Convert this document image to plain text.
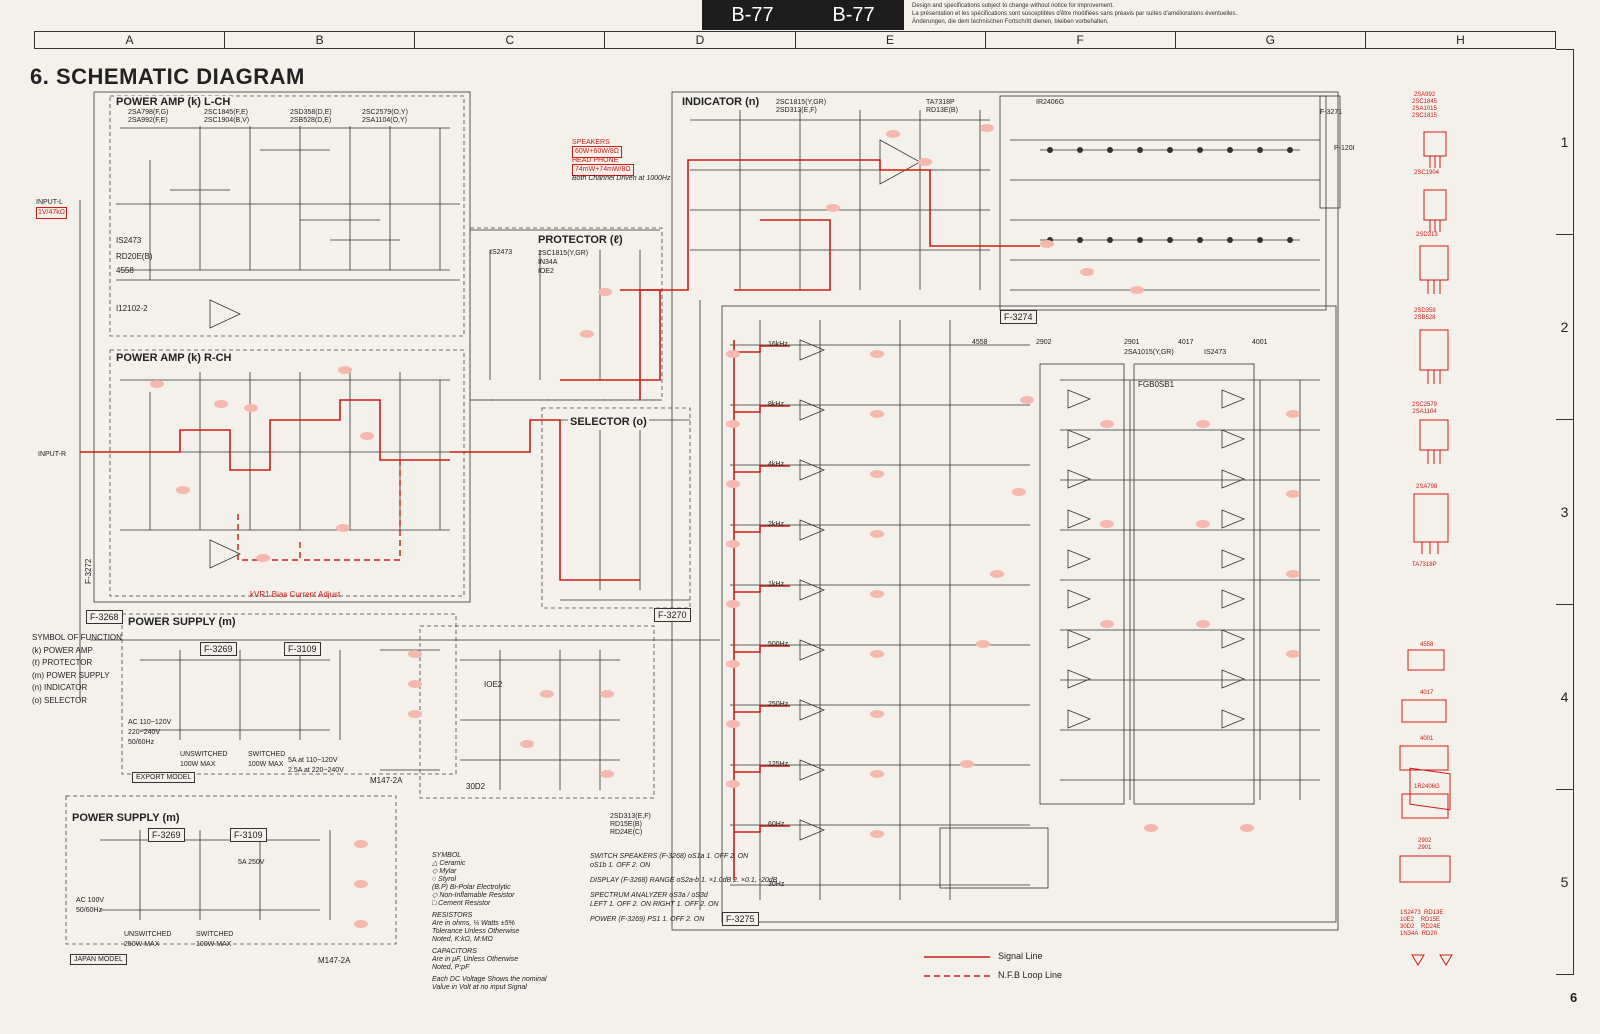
B-77	B-77	Design and specifications subject to change without notice for improvement.
La présentation et les spécifications sont susceptibles d'être modifiées sans préavis par suites d'améliorations éventuelles.
Änderungen, die dem technischen Fortschritt dienen, bleiben vorbehalten.
A	B	C	D	E	F	G	H
1
2
3
4
5
6. SCHEMATIC DIAGRAM
POWER AMP (k) L-CH
2SA798(F,G)	2SC1845(F,E)	2SD358(D,E)	2SC2579(O,Y)
2SA992(F,E)	2SC1904(B,V)	2SB528(D,E)	2SA1104(O,Y)
IS2473
RD20E(B)
4558
I12102-2
POWER AMP (k) R-CH
kVR1 Bias Current Adjust
PROTECTOR (ℓ)
2SC1815(Y,GR)
IN34A
IOE2
IS2473
SELECTOR (o)
F-3270
INDICATOR (n) 2SC1815(Y,GR)
2SD313(E,F)
TA7318P
RD13E(B)
IR2406G
4558	2902	2901	4017
2SA1015(Y,GR)	IS2473
4001
FGB0SB1
F-3274
F-3275
F-3271
P-120I
POWER SUPPLY (m)
F-3269	F-3109
AC 110~120V 220~240V 50/60Hz
UNSWITCHED 100W MAX
SWITCHED 100W MAX
5A at 110~120V 2.5A at 220~240V
M147-2A
EXPORT MODEL
IOE2
30D2
2SD313(E,F)
RD15E(B)
RD24E(C)
POWER SUPPLY (m)
F-3269	F-3109
AC 100V 50/60Hz
UNSWITCHED 250W MAX
SWITCHED 100W MAX
5A 250V
M147-2A
JAPAN MODEL
F-3268
F-3272
INPUT-L
1V/47kΩ
INPUT-R
SPEAKERS
60W+60W/8Ω
HEAD PHONE
74mW+74mW/8Ω
Both Channel Driven at 1000Hz
SYMBOL OF FUNCTION
(k) POWER AMP
(ℓ) PROTECTOR
(m) POWER SUPPLY
(n) INDICATOR
(o) SELECTOR
SYMBOL
△ Ceramic
◇ Mylar
○ Styrol
(B.P) Bi-Polar Electrolytic
◇ Non-Inflamable Resistor
□ Cement Resistor
RESISTORS
Are in ohms, ¼ Watts ±5%
Tolerance Unless Otherwise
Noted, K:kΩ, M:MΩ
CAPACITORS
Are in μF, Unless Otherwise
Noted, P:pF
Each DC Voltage Shows the nominal
Value in Volt at no input Signal
SWITCH SPEAKERS (F-3268) oS1a 1. OFF 2. ON
oS1b 1. OFF 2. ON
DISPLAY (F-3268) RANGE oS2a-b 1. ×1.0dB 2. ×0.1, -20dB
SPECTRUM ANALYZER oS3a / oS3d
LEFT 1. OFF 2. ON RIGHT 1. OFF 2. ON
POWER (F-3269) PS1 1. OFF 2. ON
16kHz
8kHz
4kHz
2kHz
1kHz
500Hz
250Hz
125Hz
60Hz
30Hz
2SA992
2SC1845
2SA1015
2SC1815
2SC1904
2SD313
2SD358
2SB528
2SC2579
2SA1104
2SA798
TA7318P
4558
4017
4001
1R2406G
2902
2901
1S2473 RD13E
10E2 RD15E
30D2 RD24E
1N34A RD20
Signal Line
N.F.B Loop Line
6
